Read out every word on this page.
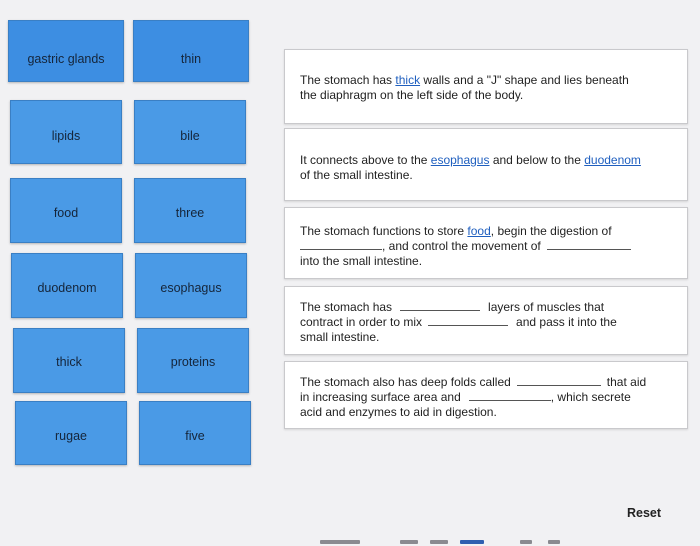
gastric glands	thin
lipids	bile
food	three
duodenom	esophagus
thick	proteins
rugae	five
The stomach has thick walls and a "J" shape and lies beneath
the diaphragm on the left side of the body.
It connects above to the esophagus and below to the duodenom
of the small intestine.
The stomach functions to store food, begin the digestion of
, and control the movement of
into the small intestine.
The stomach has	layers of muscles that
contract in order to mix	and pass it into the
small intestine.
The stomach also has deep folds called	that aid
in increasing surface area and	, which secrete
acid and enzymes to aid in digestion.
Reset
